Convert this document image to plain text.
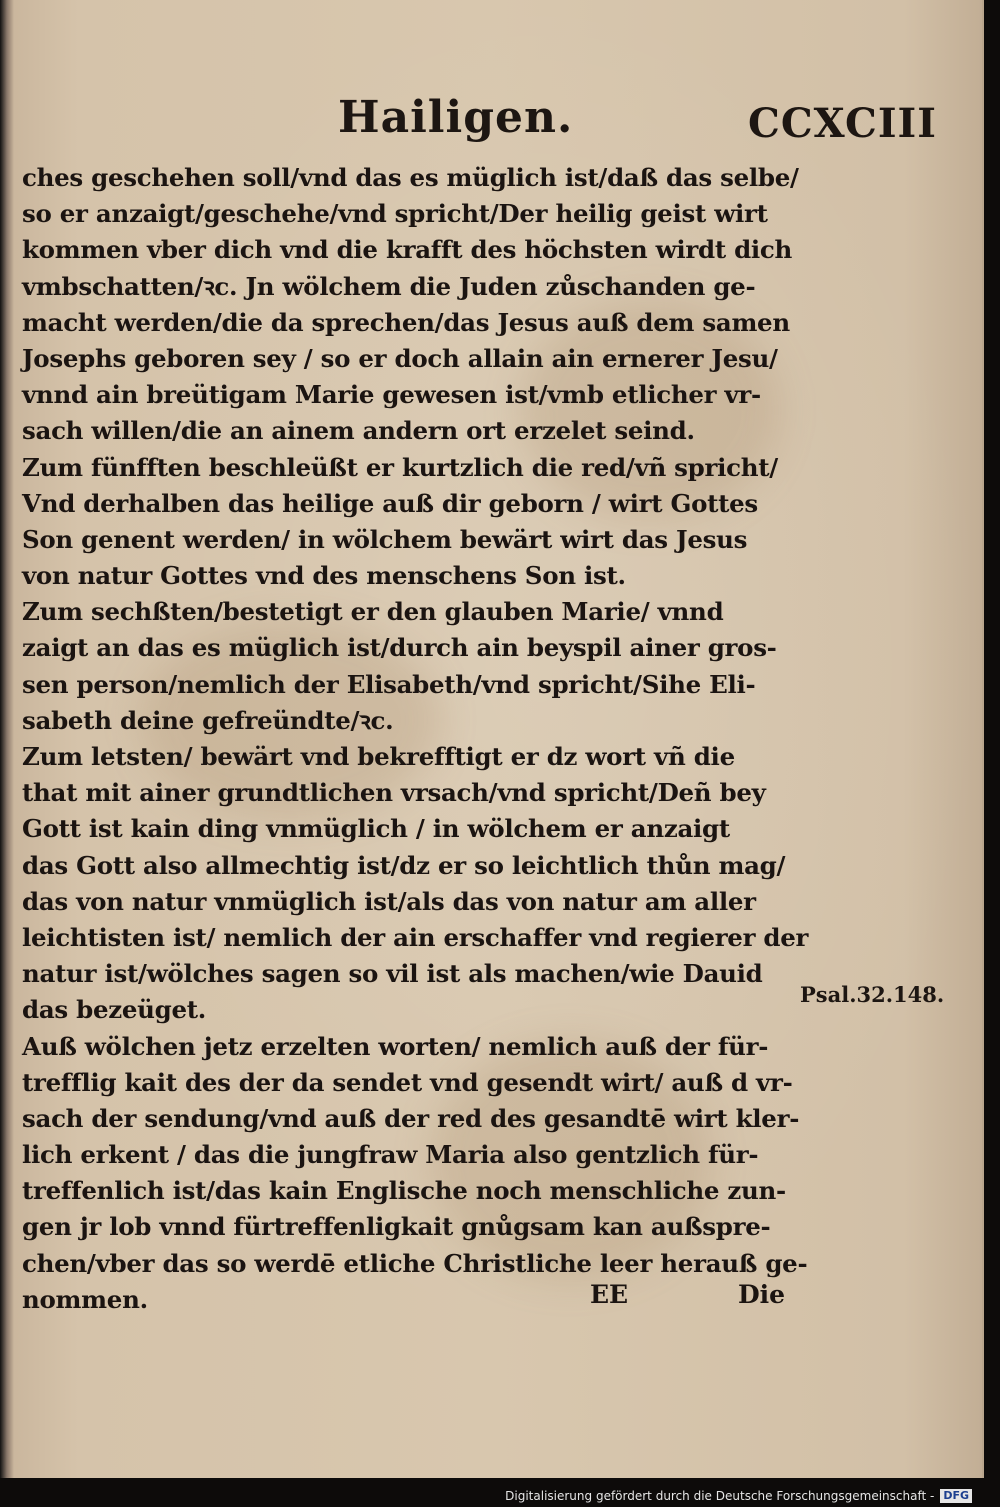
Hailigen.	CCXCIII
ches geschehen soll/vnd das es müglich ist/daß das selbe/
so er anzaigt/geschehe/vnd spricht/Der heilig geist wirt
kommen vber dich vnd die krafft des höchsten wirdt dich
vmbschatten/ꝛc. Jn wölchem die Juden zůschanden ge-
macht werden/die da sprechen/das Jesus auß dem samen
Josephs geboren sey / so er doch allain ain ernerer Jesu/
vnnd ain breütigam Marie gewesen ist/vmb etlicher vr-
sach willen/die an ainem andern ort erzelet seind.
Zum fünfften beschleüßt er kurtzlich die red/vñ spricht/
Vnd derhalben das heilige auß dir geborn / wirt Gottes
Son genent werden/ in wölchem bewärt wirt das Jesus
von natur Gottes vnd des menschens Son ist.
Zum sechßten/bestetigt er den glauben Marie/ vnnd
zaigt an das es müglich ist/durch ain beyspil ainer gros-
sen person/nemlich der Elisabeth/vnd spricht/Sihe Eli-
sabeth deine gefreündte/ꝛc.
Zum letsten/ bewärt vnd bekrefftigt er dz wort vñ die
that mit ainer grundtlichen vrsach/vnd spricht/Deñ bey
Gott ist kain ding vnmüglich / in wölchem er anzaigt
das Gott also allmechtig ist/dz er so leichtlich thůn mag/
das von natur vnmüglich ist/als das von natur am aller
leichtisten ist/ nemlich der ain erschaffer vnd regierer der
natur ist/wölches sagen so vil ist als machen/wie Dauid
das bezeüget.
Auß wölchen jetz erzelten worten/ nemlich auß der für-
trefflig kait des der da sendet vnd gesendt wirt/ auß d vr-
sach der sendung/vnd auß der red des gesandtē wirt kler-
lich erkent / das die jungfraw Maria also gentzlich für-
treffenlich ist/das kain Englische noch menschliche zun-
gen jr lob vnnd fürtreffenligkait gnůgsam kan außspre-
chen/vber das so werdē etliche Christliche leer herauß ge-
nommen.
Psal.32.148.
EE	Die
Digitalisierung gefördert durch die Deutsche Forschungsgemeinschaft - DFG
